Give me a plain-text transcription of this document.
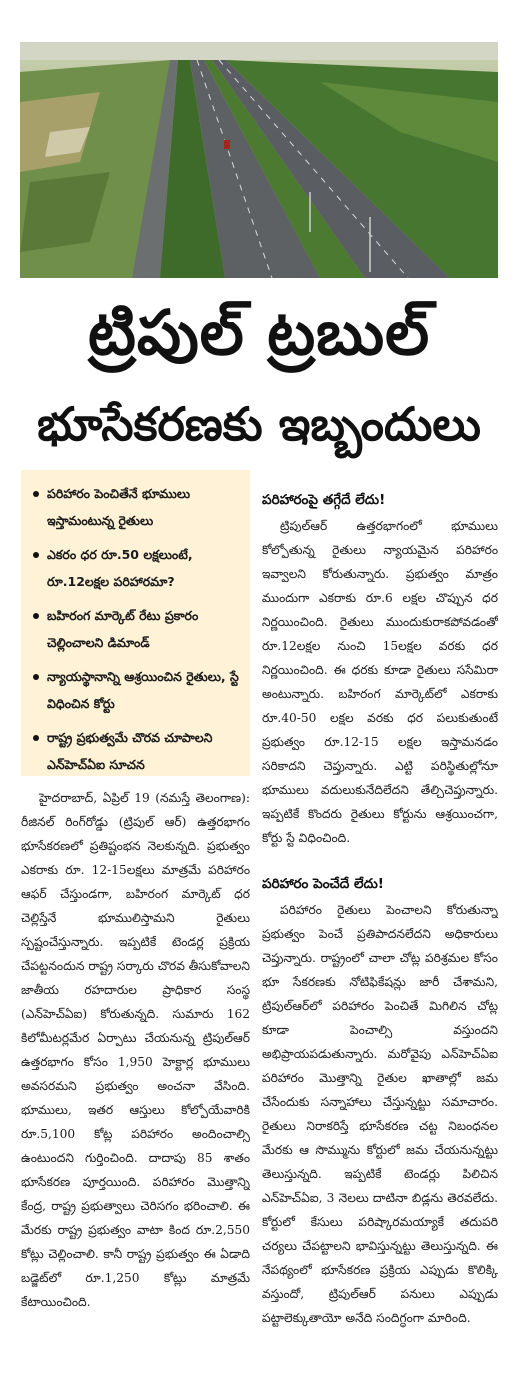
ట్రిపుల్ ట్రబుల్
భూసేకరణకు ఇబ్బందులు
పరిహారం పెంచితేనే భూములు ఇస్తామంటున్న రైతులు
ఎకరం ధర రూ.50 లక్షలుంటే, రూ.12లక్షల పరిహారమా?
బహిరంగ మార్కెట్ రేటు ప్రకారం చెల్లించాలని డిమాండ్
న్యాయస్థానాన్ని ఆశ్రయించిన రైతులు, స్టే విధించిన కోర్టు
రాష్ట్ర ప్రభుత్వమే చొరవ చూపాలని ఎన్‌హెచ్‌ఏఐ సూచన

హైదరాబాద్, ఏప్రిల్ 19 (నమస్తే తెలంగాణ): రీజినల్ రింగ్‌రోడ్డు (ట్రిపుల్ ఆర్) ఉత్తరభాగం భూసేకరణలో ప్రతిష్టంభన నెలకున్నది. ప్రభుత్వం ఎకరాకు రూ. 12-15లక్షలు మాత్రమే పరిహారం ఆఫర్ చేస్తుండగా, బహిరంగ మార్కెట్ ధర చెల్లిస్తేనే భూములిస్తామని రైతులు స్పష్టంచేస్తున్నారు. ఇప్పటికే టెండర్ల ప్రక్రియ చేపట్టనందున రాష్ట్ర సర్కారు చొరవ తీసుకోవాలని జాతీయ రహదారుల ప్రాధికార సంస్థ (ఎన్‌హెచ్‌ఏఐ) కోరుతున్నది. సుమారు 162 కిలోమీటర్లమేర ఏర్పాటు చేయనున్న ట్రిపుల్‌ఆర్ ఉత్తరభాగం కోసం 1,950 హెక్టార్ల భూములు అవసరమని ప్రభుత్వం అంచనా వేసింది. భూములు, ఇతర ఆస్తులు కోల్పోయేవారికి రూ.5,100 కోట్ల పరిహారం అందించాల్సి ఉంటుందని గుర్తించింది. దాదాపు 85 శాతం భూసేకరణ పూర్తయింది. పరిహారం మొత్తాన్ని కేంద్ర, రాష్ట్ర ప్రభుత్వాలు చెరిసగం భరించాలి. ఈ మేరకు రాష్ట్ర ప్రభుత్వం వాటా కింద రూ.2,550 కోట్లు చెల్లించాలి. కానీ రాష్ట్ర ప్రభుత్వం ఈ ఏడాది బడ్జెట్‌లో రూ.1,250 కోట్లు మాత్రమే కేటాయించింది.

పరిహారంపై తగ్గేదే లేదు!

ట్రిపుల్‌ఆర్ ఉత్తరభాగంలో భూములు కోల్పోతున్న రైతులు న్యాయమైన పరిహారం ఇవ్వాలని కోరుతున్నారు. ప్రభుత్వం మాత్రం ముందుగా ఎకరాకు రూ.6 లక్షల చొప్పున ధర నిర్ణయించింది. రైతులు ముందుకురాకపోవడంతో రూ.12లక్షల నుంచి 15లక్షల వరకు ధర నిర్ణయించింది. ఈ ధరకు కూడా రైతులు ససేమిరా అంటున్నారు. బహిరంగ మార్కెట్‌లో ఎకరాకు రూ.40-50 లక్షల వరకు ధర పలుకుతుంటే ప్రభుత్వం రూ.12-15 లక్షల ఇస్తామనడం సరికాదని చెప్తున్నారు. ఎట్టి పరిస్థితుల్లోనూ భూములు వదులుకునేదిలేదని తేల్చిచెప్తున్నారు. ఇప్పటికే కొందరు రైతులు కోర్టును ఆశ్రయించగా, కోర్టు స్టే విధించింది.

పరిహారం పెంచేదే లేదు!

పరిహారం రైతులు పెంచాలని కోరుతున్నా ప్రభుత్వం పెంచే ప్రతిపాదనలేదని అధికారులు చెప్తున్నారు. రాష్ట్రంలో చాలా చోట్ల పరిశ్రమల కోసం భూ సేకరణకు నోటిఫికేషన్లు జారీ చేశామని, ట్రిపుల్‌ఆర్‌లో పరిహారం పెంచితే మిగిలిన చోట్ల కూడా పెంచాల్సి వస్తుందని అభిప్రాయపడుతున్నారు. మరోవైపు ఎన్‌హెచ్‌ఏఐ పరిహారం మొత్తాన్ని రైతుల ఖాతాల్లో జమ చేసేందుకు సన్నాహాలు చేస్తున్నట్టు సమాచారం. రైతులు నిరాకరిస్తే భూసేకరణ చట్ట నిబంధనల మేరకు ఆ సొమ్మును కోర్టులో జమ చేయనున్నట్టు తెలుస్తున్నది. ఇప్పటికే టెండర్లు పిలిచిన ఎన్‌హెచ్‌ఏఐ, 3 నెలలు దాటినా బిడ్లను తెరవలేదు. కోర్టులో కేసులు పరిష్కారమయ్యాకే తదుపరి చర్యలు చేపట్టాలని భావిస్తున్నట్టు తెలుస్తున్నది. ఈ నేపథ్యంలో భూసేకరణ ప్రక్రియ ఎప్పుడు కొలిక్కి వస్తుందో, ట్రిపుల్‌ఆర్ పనులు ఎప్పుడు పట్టాలెక్కుతాయో అనేది సందిగ్ధంగా మారింది.
